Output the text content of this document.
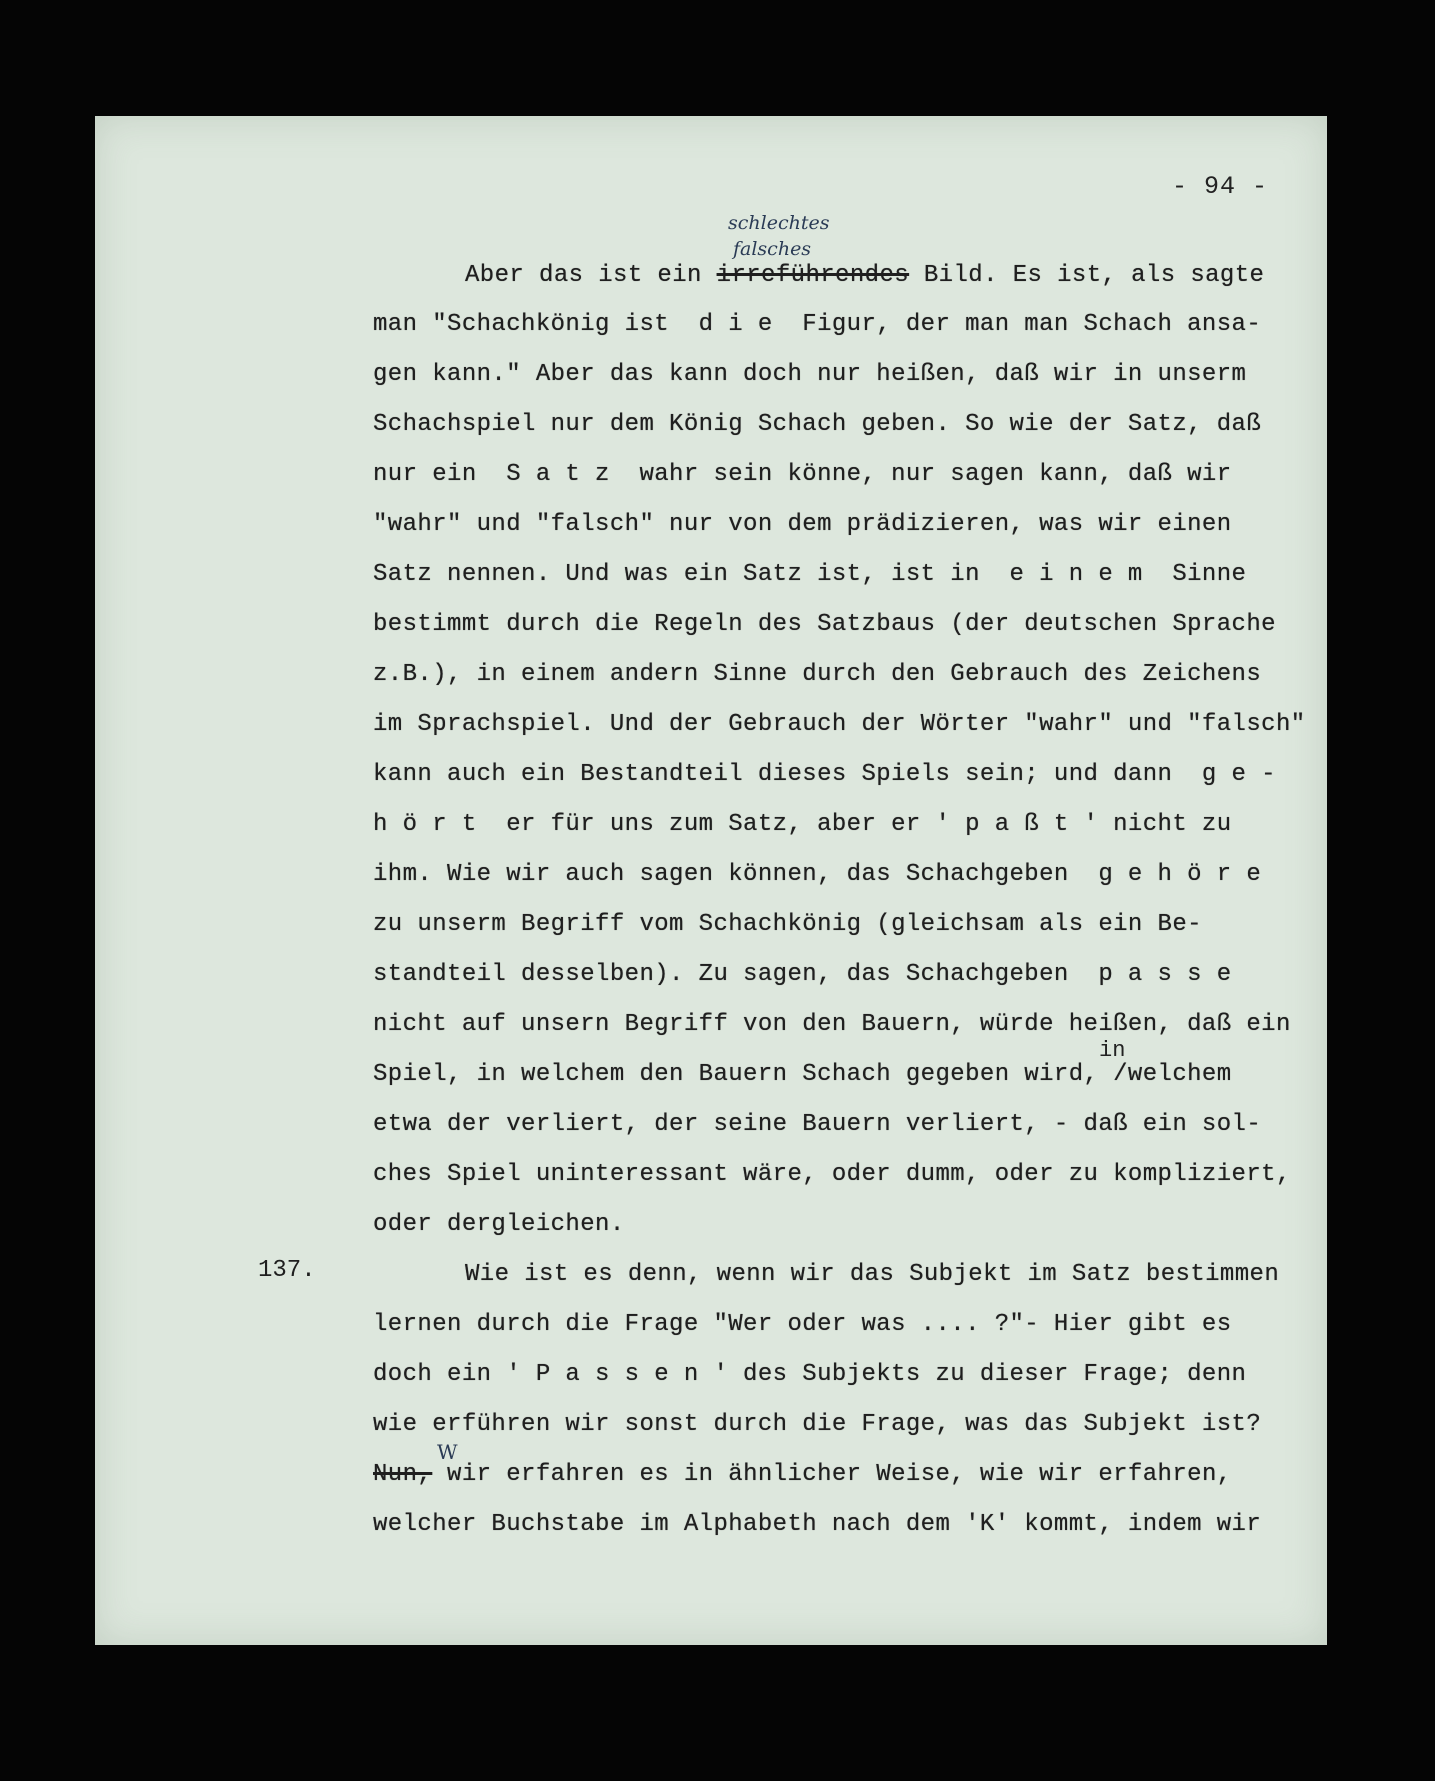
- 94 -
schlechtes
falsches
Aber das ist ein irreführendes Bild. Es ist, als sagte
man "Schachkönig ist  d i e  Figur, der man man Schach ansa-
gen kann." Aber das kann doch nur heißen, daß wir in unserm
Schachspiel nur dem König Schach geben. So wie der Satz, daß
nur ein  S a t z  wahr sein könne, nur sagen kann, daß wir
"wahr" und "falsch" nur von dem prädizieren, was wir einen
Satz nennen. Und was ein Satz ist, ist in  e i n e m  Sinne
bestimmt durch die Regeln des Satzbaus (der deutschen Sprache
z.B.), in einem andern Sinne durch den Gebrauch des Zeichens
im Sprachspiel. Und der Gebrauch der Wörter "wahr" und "falsch"
kann auch ein Bestandteil dieses Spiels sein; und dann  g e -
h ö r t  er für uns zum Satz, aber er ' p a ß t ' nicht zu
ihm. Wie wir auch sagen können, das Schachgeben  g e h ö r e
zu unserm Begriff vom Schachkönig (gleichsam als ein Be-
standteil desselben). Zu sagen, das Schachgeben  p a s s e
nicht auf unsern Begriff von den Bauern, würde heißen, daß ein
in
Spiel, in welchem den Bauern Schach gegeben wird, /welchem
etwa der verliert, der seine Bauern verliert, - daß ein sol-
ches Spiel uninteressant wäre, oder dumm, oder zu kompliziert,
oder dergleichen.
137.	Wie ist es denn, wenn wir das Subjekt im Satz bestimmen
lernen durch die Frage "Wer oder was .... ?"- Hier gibt es
doch ein ' P a s s e n ' des Subjekts zu dieser Frage; denn
wie erführen wir sonst durch die Frage, was das Subjekt ist?
W
Nun, wir erfahren es in ähnlicher Weise, wie wir erfahren,
welcher Buchstabe im Alphabeth nach dem 'K' kommt, indem wir
